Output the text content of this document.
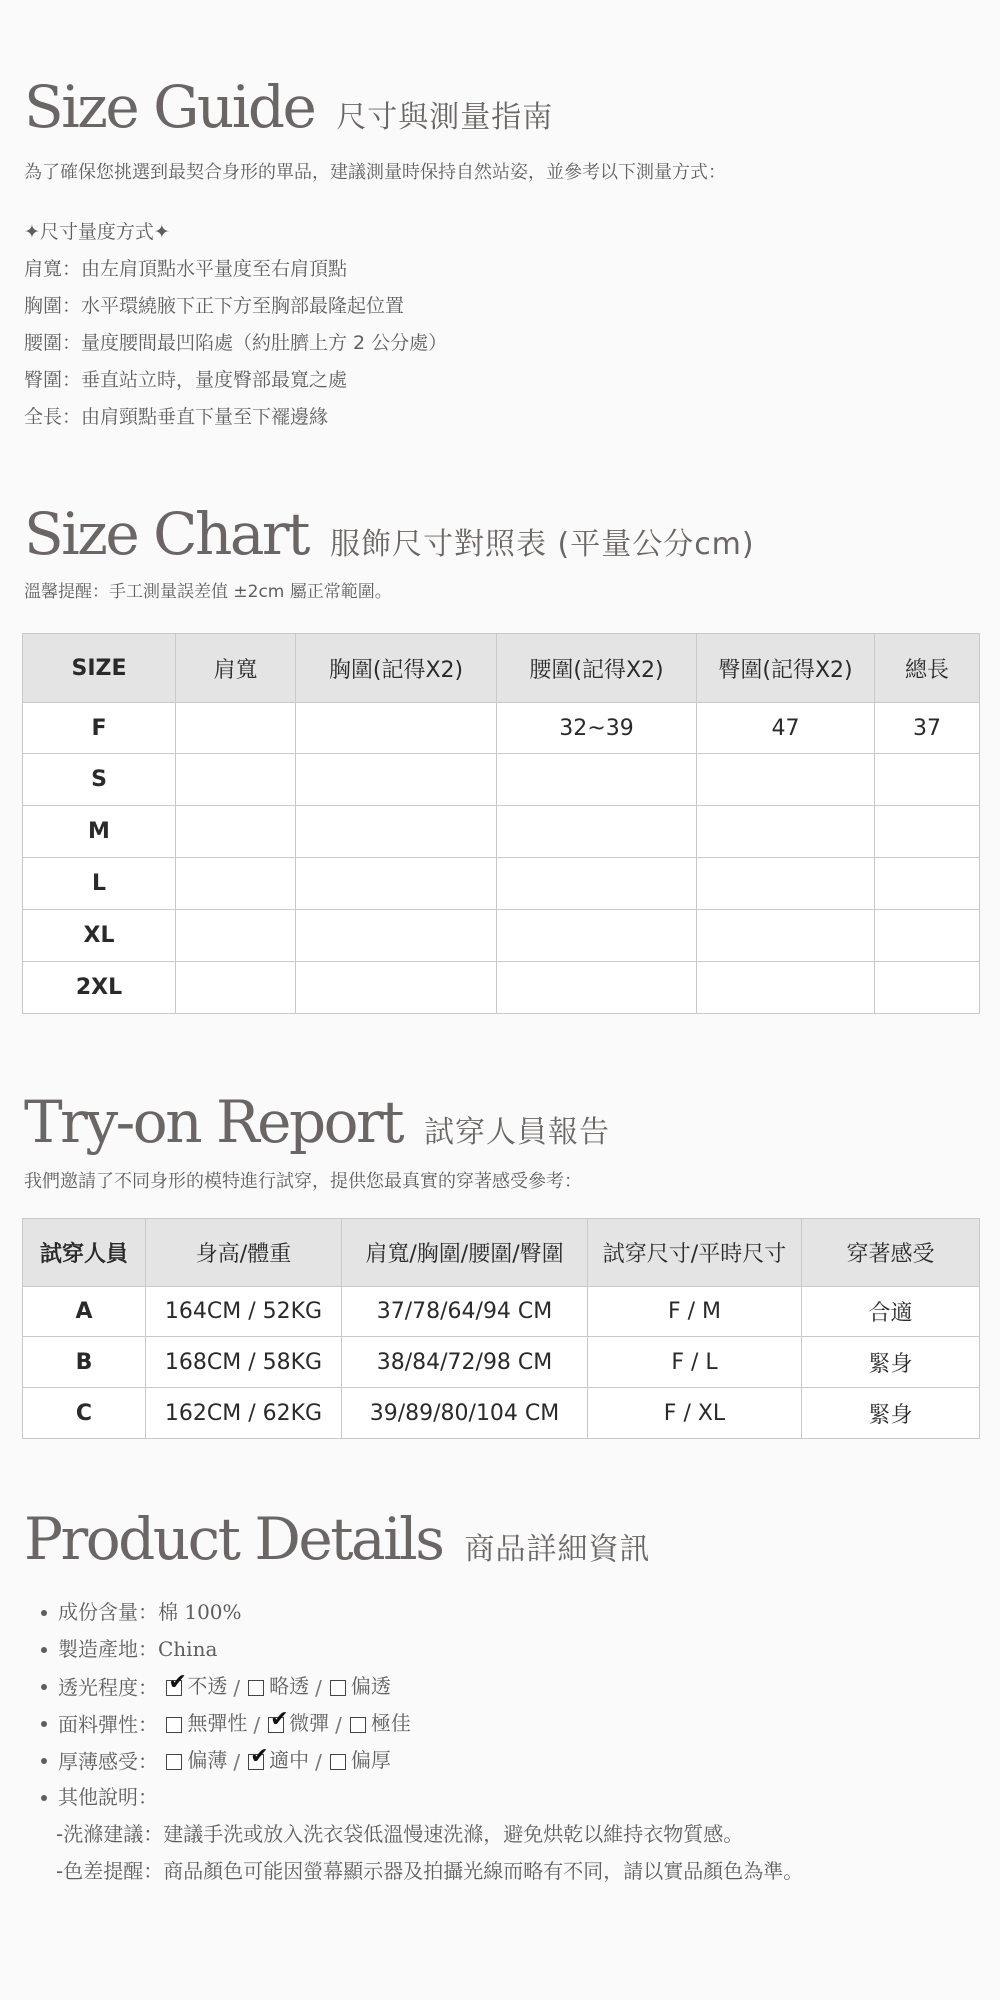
Size Guide 尺寸與測量指南
為了確保您挑選到最契合身形的單品，建議測量時保持自然站姿，並參考以下測量方式：
✦尺寸量度方式✦
肩寬：由左肩頂點水平量度至右肩頂點
胸圍：水平環繞腋下正下方至胸部最隆起位置
腰圍：量度腰間最凹陷處（約肚臍上方 2 公分處）
臀圍：垂直站立時，量度臀部最寬之處
全長：由肩頸點垂直下量至下襬邊緣
Size Chart 服飾尺寸對照表 (平量公分cm)
溫馨提醒：手工測量誤差值 ±2cm 屬正常範圍。
SIZE	肩寬	胸圍(記得X2)	腰圍(記得X2)	臀圍(記得X2)	總長
F			32~39	47	37
S					
M					
L					
XL					
2XL					
Try-on Report 試穿人員報告
我們邀請了不同身形的模特進行試穿，提供您最真實的穿著感受參考：
試穿人員	身高/體重	肩寬/胸圍/腰圍/臀圍	試穿尺寸/平時尺寸	穿著感受
A	164CM / 52KG	37/78/64/94 CM	F / M	合適
B	168CM / 58KG	38/84/72/98 CM	F / L	緊身
C	162CM / 62KG	39/89/80/104 CM	F / XL	緊身
Product Details 商品詳細資訊
成份含量：棉 100%
製造產地：China
透光程度： ✔ 不透 / 略透 / 偏透
面料彈性： 無彈性 / ✔ 微彈 / 極佳
厚薄感受： 偏薄 / ✔ 適中 / 偏厚
其他說明：
-洗滌建議：建議手洗或放入洗衣袋低溫慢速洗滌，避免烘乾以維持衣物質感。
-色差提醒：商品顏色可能因螢幕顯示器及拍攝光線而略有不同，請以實品顏色為準。
